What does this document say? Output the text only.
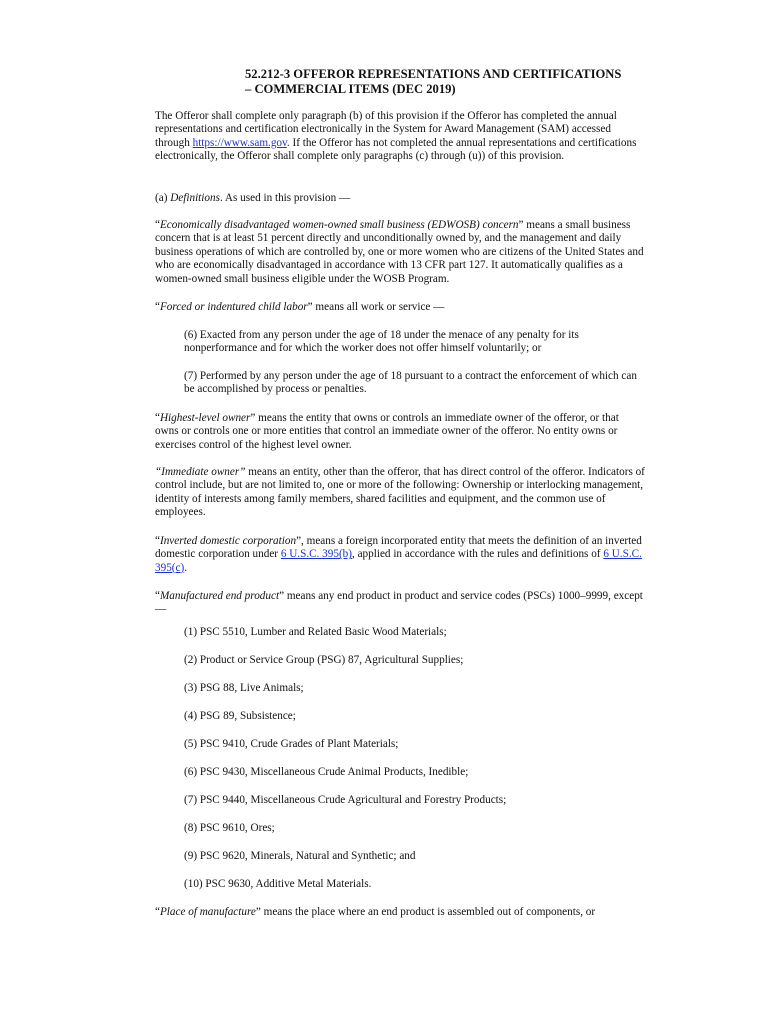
52.212-3 OFFEROR REPRESENTATIONS AND CERTIFICATIONS
– COMMERCIAL ITEMS (DEC 2019)

The Offeror shall complete only paragraph (b) of this provision if the Offeror has completed the annual representations and certification electronically in the System for Award Management (SAM) accessed through https://www.sam.gov. If the Offeror has not completed the annual representations and certifications electronically, the Offeror shall complete only paragraphs (c) through (u)) of this provision.

(a) Definitions. As used in this provision —

“Economically disadvantaged women-owned small business (EDWOSB) concern” means a small business concern that is at least 51 percent directly and unconditionally owned by, and the management and daily business operations of which are controlled by, one or more women who are citizens of the United States and who are economically disadvantaged in accordance with 13 CFR part 127. It automatically qualifies as a women-owned small business eligible under the WOSB Program.

“Forced or indentured child labor” means all work or service —

(6) Exacted from any person under the age of 18 under the menace of any penalty for its nonperformance and for which the worker does not offer himself voluntarily; or

(7) Performed by any person under the age of 18 pursuant to a contract the enforcement of which can be accomplished by process or penalties.

“Highest-level owner” means the entity that owns or controls an immediate owner of the offeror, or that owns or controls one or more entities that control an immediate owner of the offeror. No entity owns or exercises control of the highest level owner.

“Immediate owner” means an entity, other than the offeror, that has direct control of the offeror. Indicators of control include, but are not limited to, one or more of the following: Ownership or interlocking management, identity of interests among family members, shared facilities and equipment, and the common use of employees.

“Inverted domestic corporation”, means a foreign incorporated entity that meets the definition of an inverted domestic corporation under 6 U.S.C. 395(b), applied in accordance with the rules and definitions of 6 U.S.C. 395(c).

“Manufactured end product” means any end product in product and service codes (PSCs) 1000–9999, except —

(1) PSC 5510, Lumber and Related Basic Wood Materials;

(2) Product or Service Group (PSG) 87, Agricultural Supplies;

(3) PSG 88, Live Animals;

(4) PSG 89, Subsistence;

(5) PSC 9410, Crude Grades of Plant Materials;

(6) PSC 9430, Miscellaneous Crude Animal Products, Inedible;

(7) PSC 9440, Miscellaneous Crude Agricultural and Forestry Products;

(8) PSC 9610, Ores;

(9) PSC 9620, Minerals, Natural and Synthetic; and

(10) PSC 9630, Additive Metal Materials.

“Place of manufacture” means the place where an end product is assembled out of components, or
